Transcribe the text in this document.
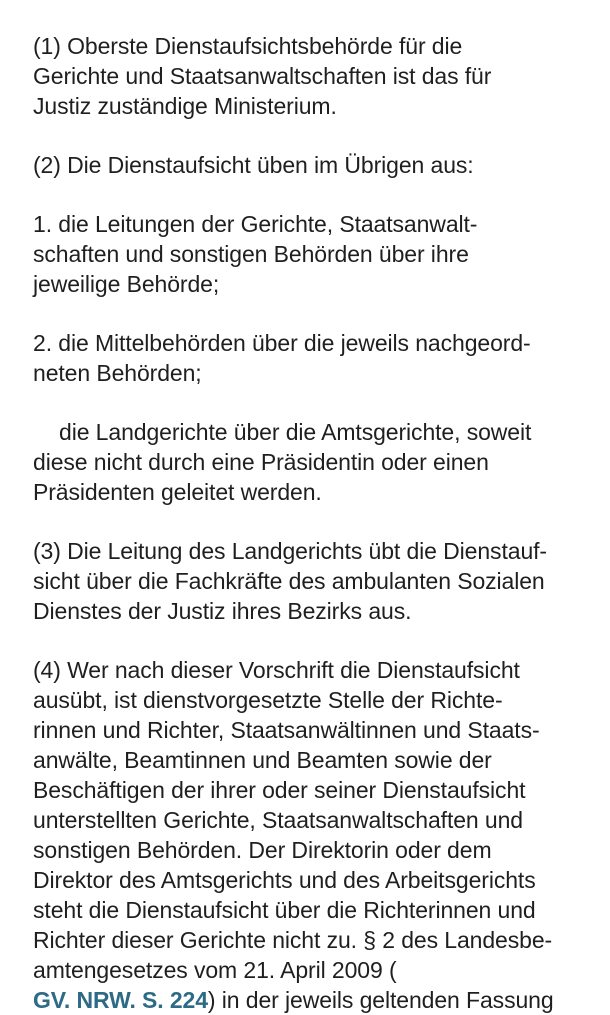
(1) Oberste Dienstaufsichtsbehörde für die
Gerichte und Staatsanwaltschaften ist das für
Justiz zuständige Ministerium.

(2) Die Dienstaufsicht üben im Übrigen aus:

1. die Leitungen der Gerichte, Staatsanwalt-
schaften und sonstigen Behörden über ihre
jeweilige Behörde;

2. die Mittelbehörden über die jeweils nachgeord-
neten Behörden;

die Landgerichte über die Amtsgerichte, soweit
diese nicht durch eine Präsidentin oder einen
Präsidenten geleitet werden.

(3) Die Leitung des Landgerichts übt die Dienstauf-
sicht über die Fachkräfte des ambulanten Sozialen
Dienstes der Justiz ihres Bezirks aus.

(4) Wer nach dieser Vorschrift die Dienstaufsicht
ausübt, ist dienstvorgesetzte Stelle der Richte-
rinnen und Richter, Staatsanwältinnen und Staats-
anwälte, Beamtinnen und Beamten sowie der
Beschäftigen der ihrer oder seiner Dienstaufsicht
unterstellten Gerichte, Staatsanwaltschaften und
sonstigen Behörden. Der Direktorin oder dem
Direktor des Amtsgerichts und des Arbeitsgerichts
steht die Dienstaufsicht über die Richterinnen und
Richter dieser Gerichte nicht zu. § 2 des Landesbe-
amtengesetzes vom 21. April 2009 (
GV. NRW. S. 224) in der jeweils geltenden Fassung
